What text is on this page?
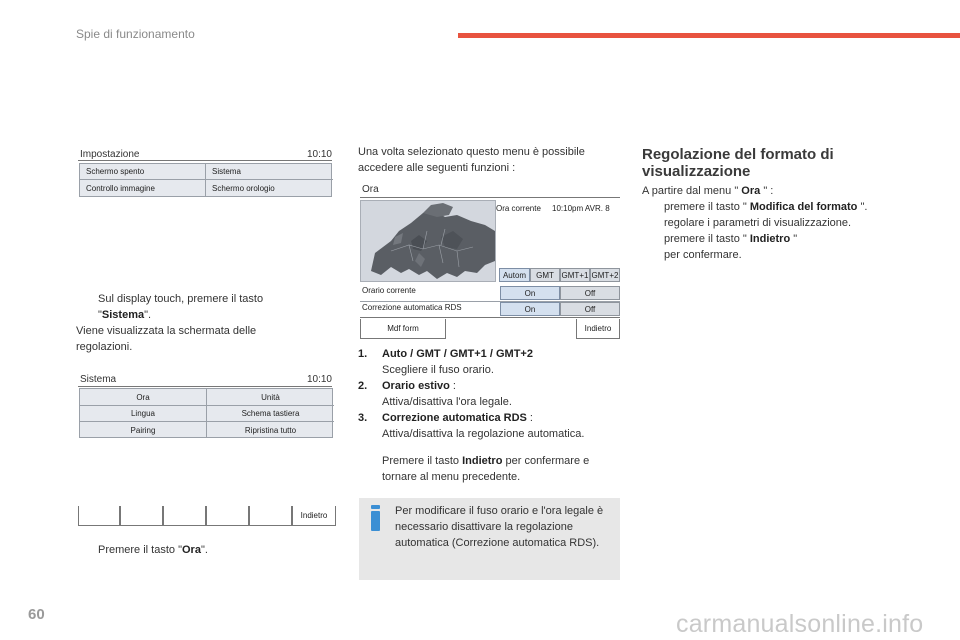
Spie di funzionamento
Impostazione	10:10
Schermo spento	Sistema
Controllo immagine	Schermo orologio
Sul display touch, premere il tasto "Sistema".
Viene visualizzata la schermata delle regolazioni.
Sistema	10:10
Ora	Unità
Lingua	Schema tastiera
Pairing	Ripristina tutto
Indietro
Premere il tasto "Ora".
Una volta selezionato questo menu è possibile accedere alle seguenti funzioni :
Ora
Ora corrente 10:10pm AVR. 8
Autom	GMT GMT+1 GMT+2
Orario corrente	On	Off
Correzione automatica RDS	On	Off
Mdf form	Indietro
1.	Auto / GMT / GMT+1 / GMT+2
Scegliere il fuso orario.
2.	Orario estivo :
Attiva/disattiva l'ora legale.
3.	Correzione automatica RDS :
Attiva/disattiva la regolazione automatica.
Premere il tasto Indietro per confermare e tornare al menu precedente.
Per modificare il fuso orario e l'ora legale è necessario disattivare la regolazione automatica (Correzione automatica RDS).
Regolazione del formato di visualizzazione
A partire dal menu " Ora " :
premere il tasto " Modifica del formato ".
regolare i parametri di visualizzazione.
premere il tasto " Indietro " per confermare.
60	carmanualsonline.info
